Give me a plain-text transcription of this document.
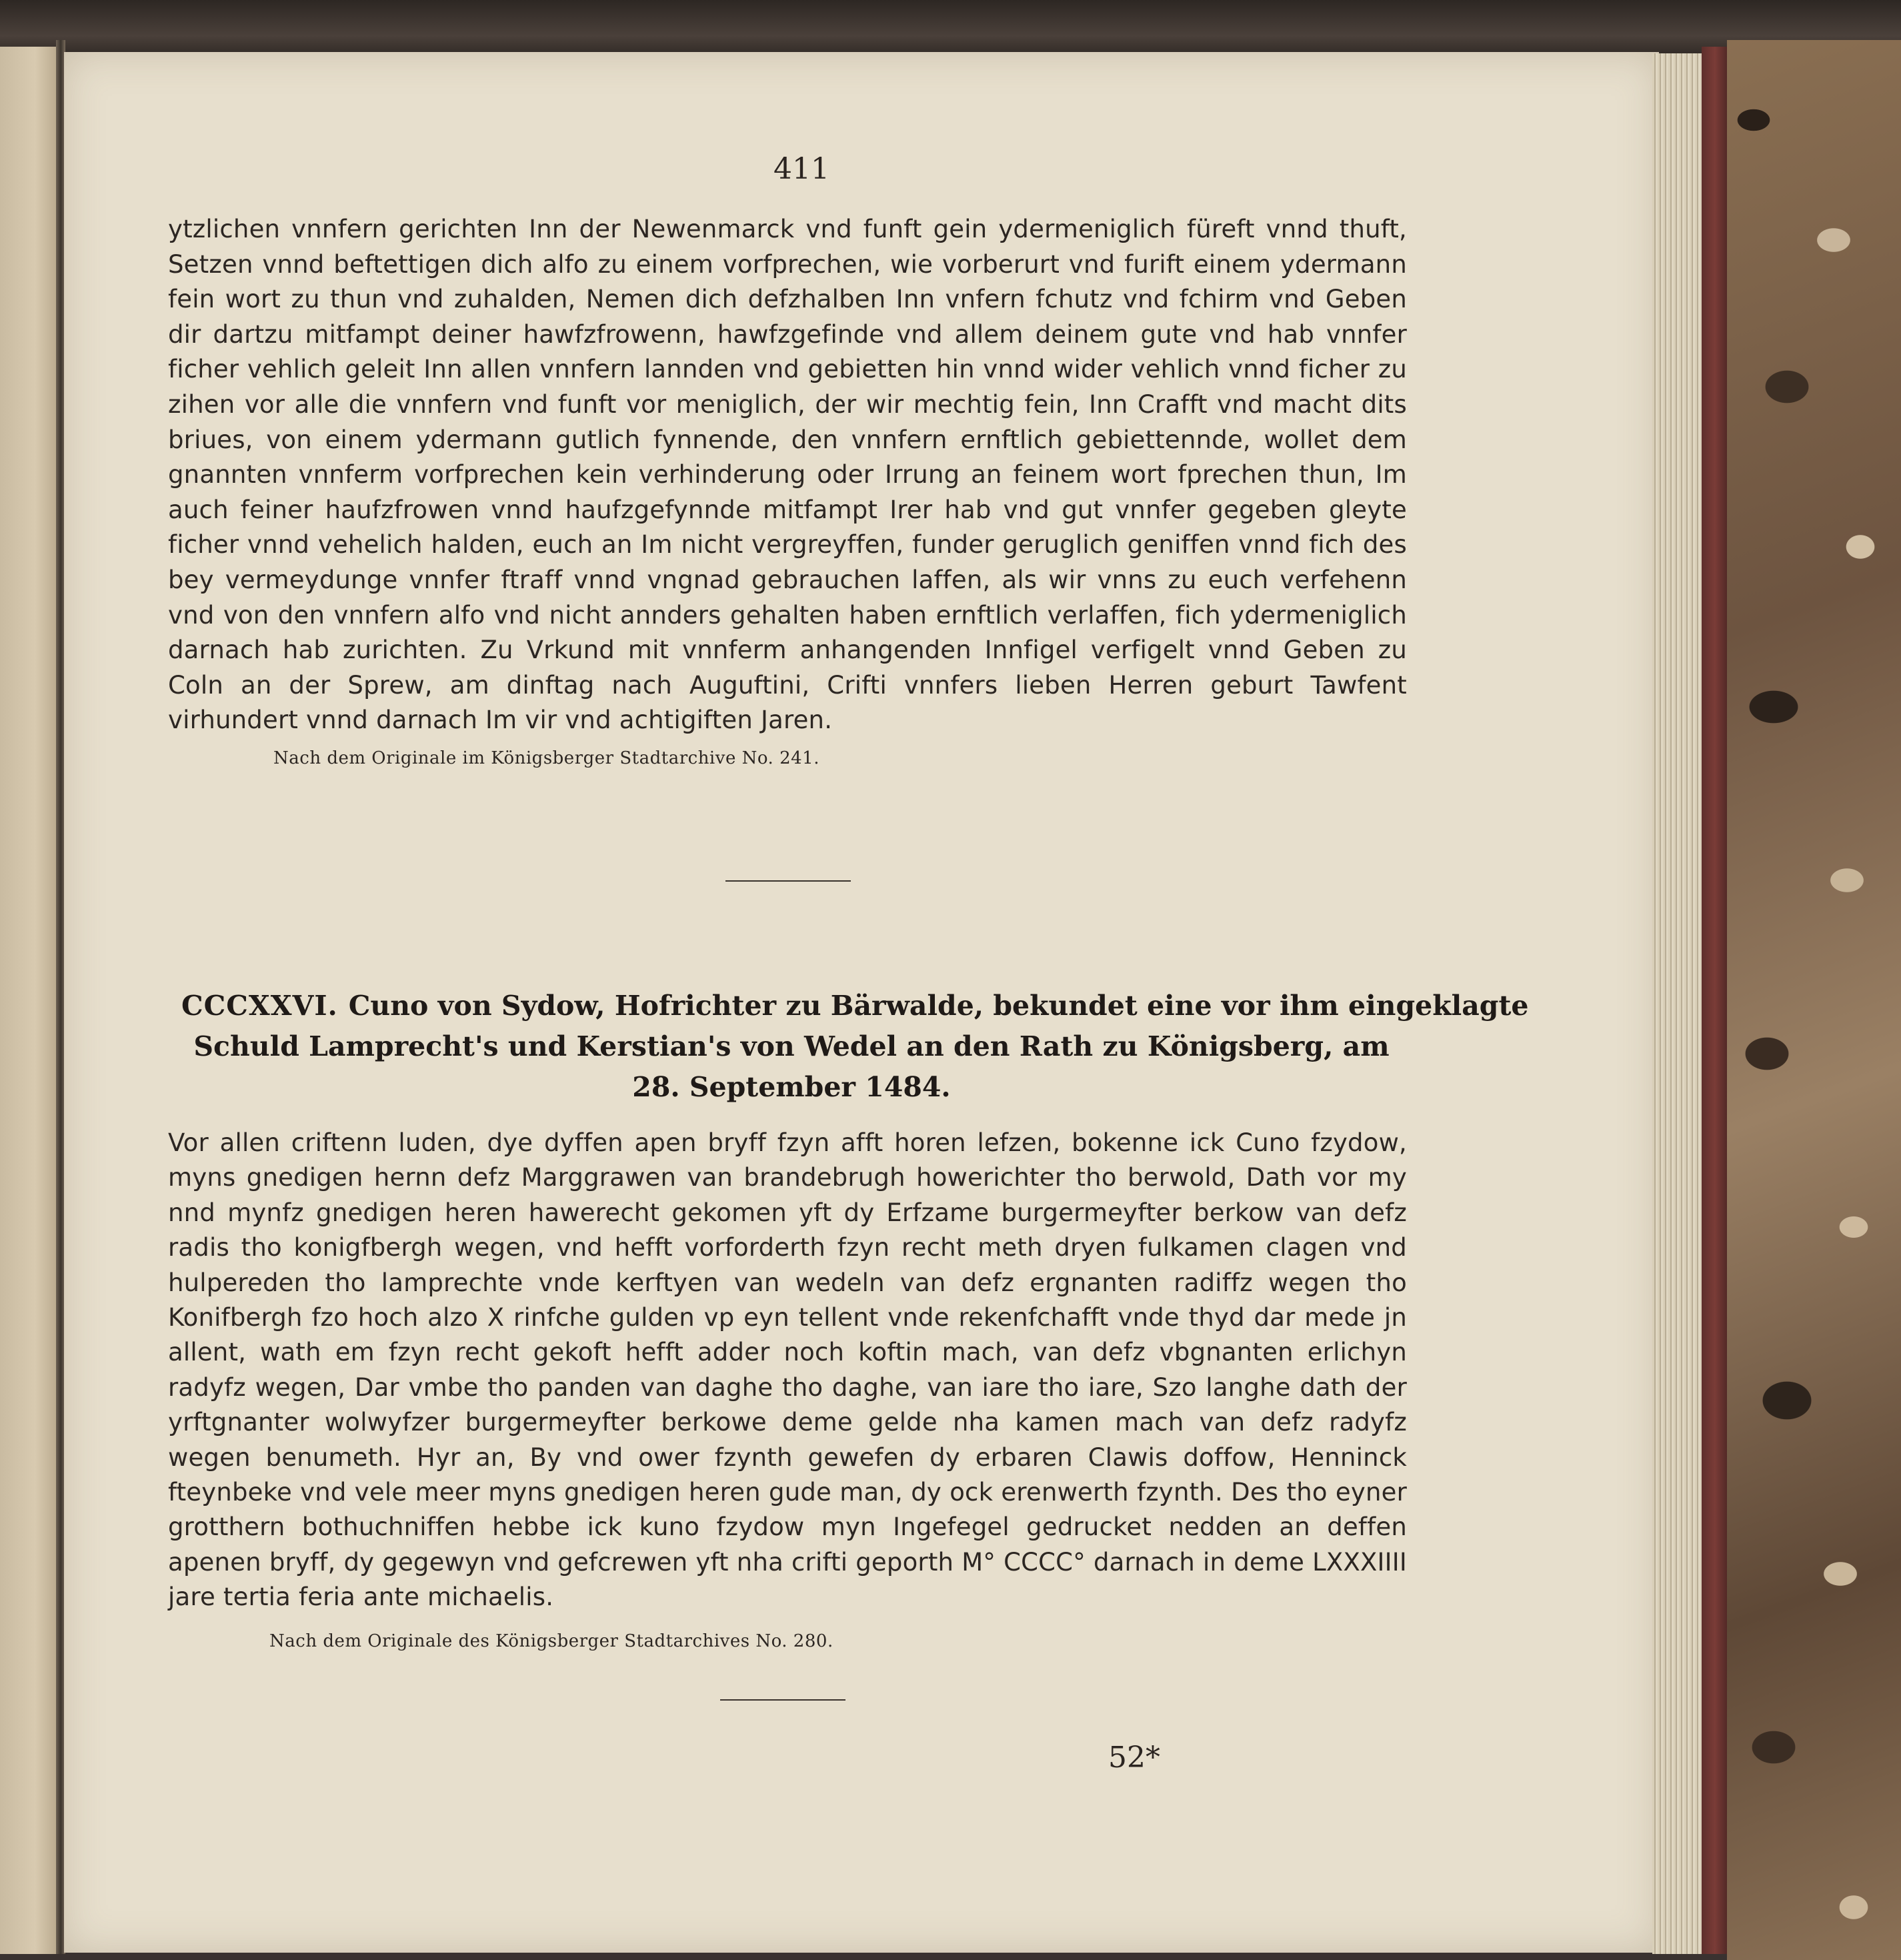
411

ytzlichen vnnfern gerichten Inn der Newenmarck vnd funft gein ydermeniglich füreft vnnd thuft, Setzen vnnd beftettigen dich alfo zu einem vorfprechen, wie vorberurt vnd furift einem ydermann fein wort zu thun vnd zuhalden, Nemen dich defzhalben Inn vnfern fchutz vnd fchirm vnd Geben dir dartzu mitfampt deiner hawfzfrowenn, hawfzgefinde vnd allem deinem gute vnd hab vnnfer ficher vehlich geleit Inn allen vnnfern lannden vnd gebietten hin vnnd wider vehlich vnnd ficher zu zihen vor alle die vnnfern vnd funft vor meniglich, der wir mechtig fein, Inn Crafft vnd macht dits briues, von einem ydermann gutlich fynnende, den vnnfern ernftlich gebiettennde, wollet dem gnannten vnnferm vorfprechen kein verhinderung oder Irrung an feinem wort fprechen thun, Im auch feiner haufzfrowen vnnd haufzgefynnde mitfampt Irer hab vnd gut vnnfer gegeben gleyte ficher vnnd vehelich halden, euch an Im nicht vergreyffen, funder geruglich geniffen vnnd fich des bey vermeydunge vnnfer ftraff vnnd vngnad gebrauchen laffen, als wir vnns zu euch verfehenn vnd von den vnnfern alfo vnd nicht annders gehalten haben ernftlich verlaffen, fich ydermeniglich darnach hab zurichten. Zu Vrkund mit vnnferm anhangenden Innfigel verfigelt vnnd Geben zu Coln an der Sprew, am dinftag nach Auguftini, Crifti vnnfers lieben Herren geburt Tawfent virhundert vnnd darnach Im vir vnd achtigiften Jaren.

Nach dem Originale im Königsberger Stadtarchive No. 241.
CCCXXVI. Cuno von Sydow, Hofrichter zu Bärwalde, bekundet eine vor ihm eingeklagte
Schuld Lamprecht's und Kerstian's von Wedel an den Rath zu Königsberg, am
28. September 1484.

Vor allen criftenn luden, dye dyffen apen bryff fzyn afft horen lefzen, bokenne ick Cuno fzydow, myns gnedigen hernn defz Marggrawen van brandebrugh howerichter tho berwold, Dath vor my nnd mynfz gnedigen heren hawerecht gekomen yft dy Erfzame burgermeyfter berkow van defz radis tho konigfbergh wegen, vnd hefft vorforderth fzyn recht meth dryen fulkamen clagen vnd hulpereden tho lamprechte vnde kerftyen van wedeln van defz ergnanten radiffz wegen tho Konifbergh fzo hoch alzo X rinfche gulden vp eyn tellent vnde rekenfchafft vnde thyd dar mede jn allent, wath em fzyn recht gekoft hefft adder noch koftin mach, van defz vbgnanten erlichyn radyfz wegen, Dar vmbe tho panden van daghe tho daghe, van iare tho iare, Szo langhe dath der yrftgnanter wolwyfzer burgermeyfter berkowe deme gelde nha kamen mach van defz radyfz wegen benumeth. Hyr an, By vnd ower fzynth gewefen dy erbaren Clawis doffow, Henninck fteynbeke vnd vele meer myns gnedigen heren gude man, dy ock erenwerth fzynth. Des tho eyner grotthern bothuchniffen hebbe ick kuno fzydow myn Ingefegel gedrucket nedden an deffen apenen bryff, dy gegewyn vnd gefcrewen yft nha crifti geporth M° CCCC° darnach in deme LXXXIIII jare tertia feria ante michaelis.

Nach dem Originale des Königsberger Stadtarchives No. 280.
52*
